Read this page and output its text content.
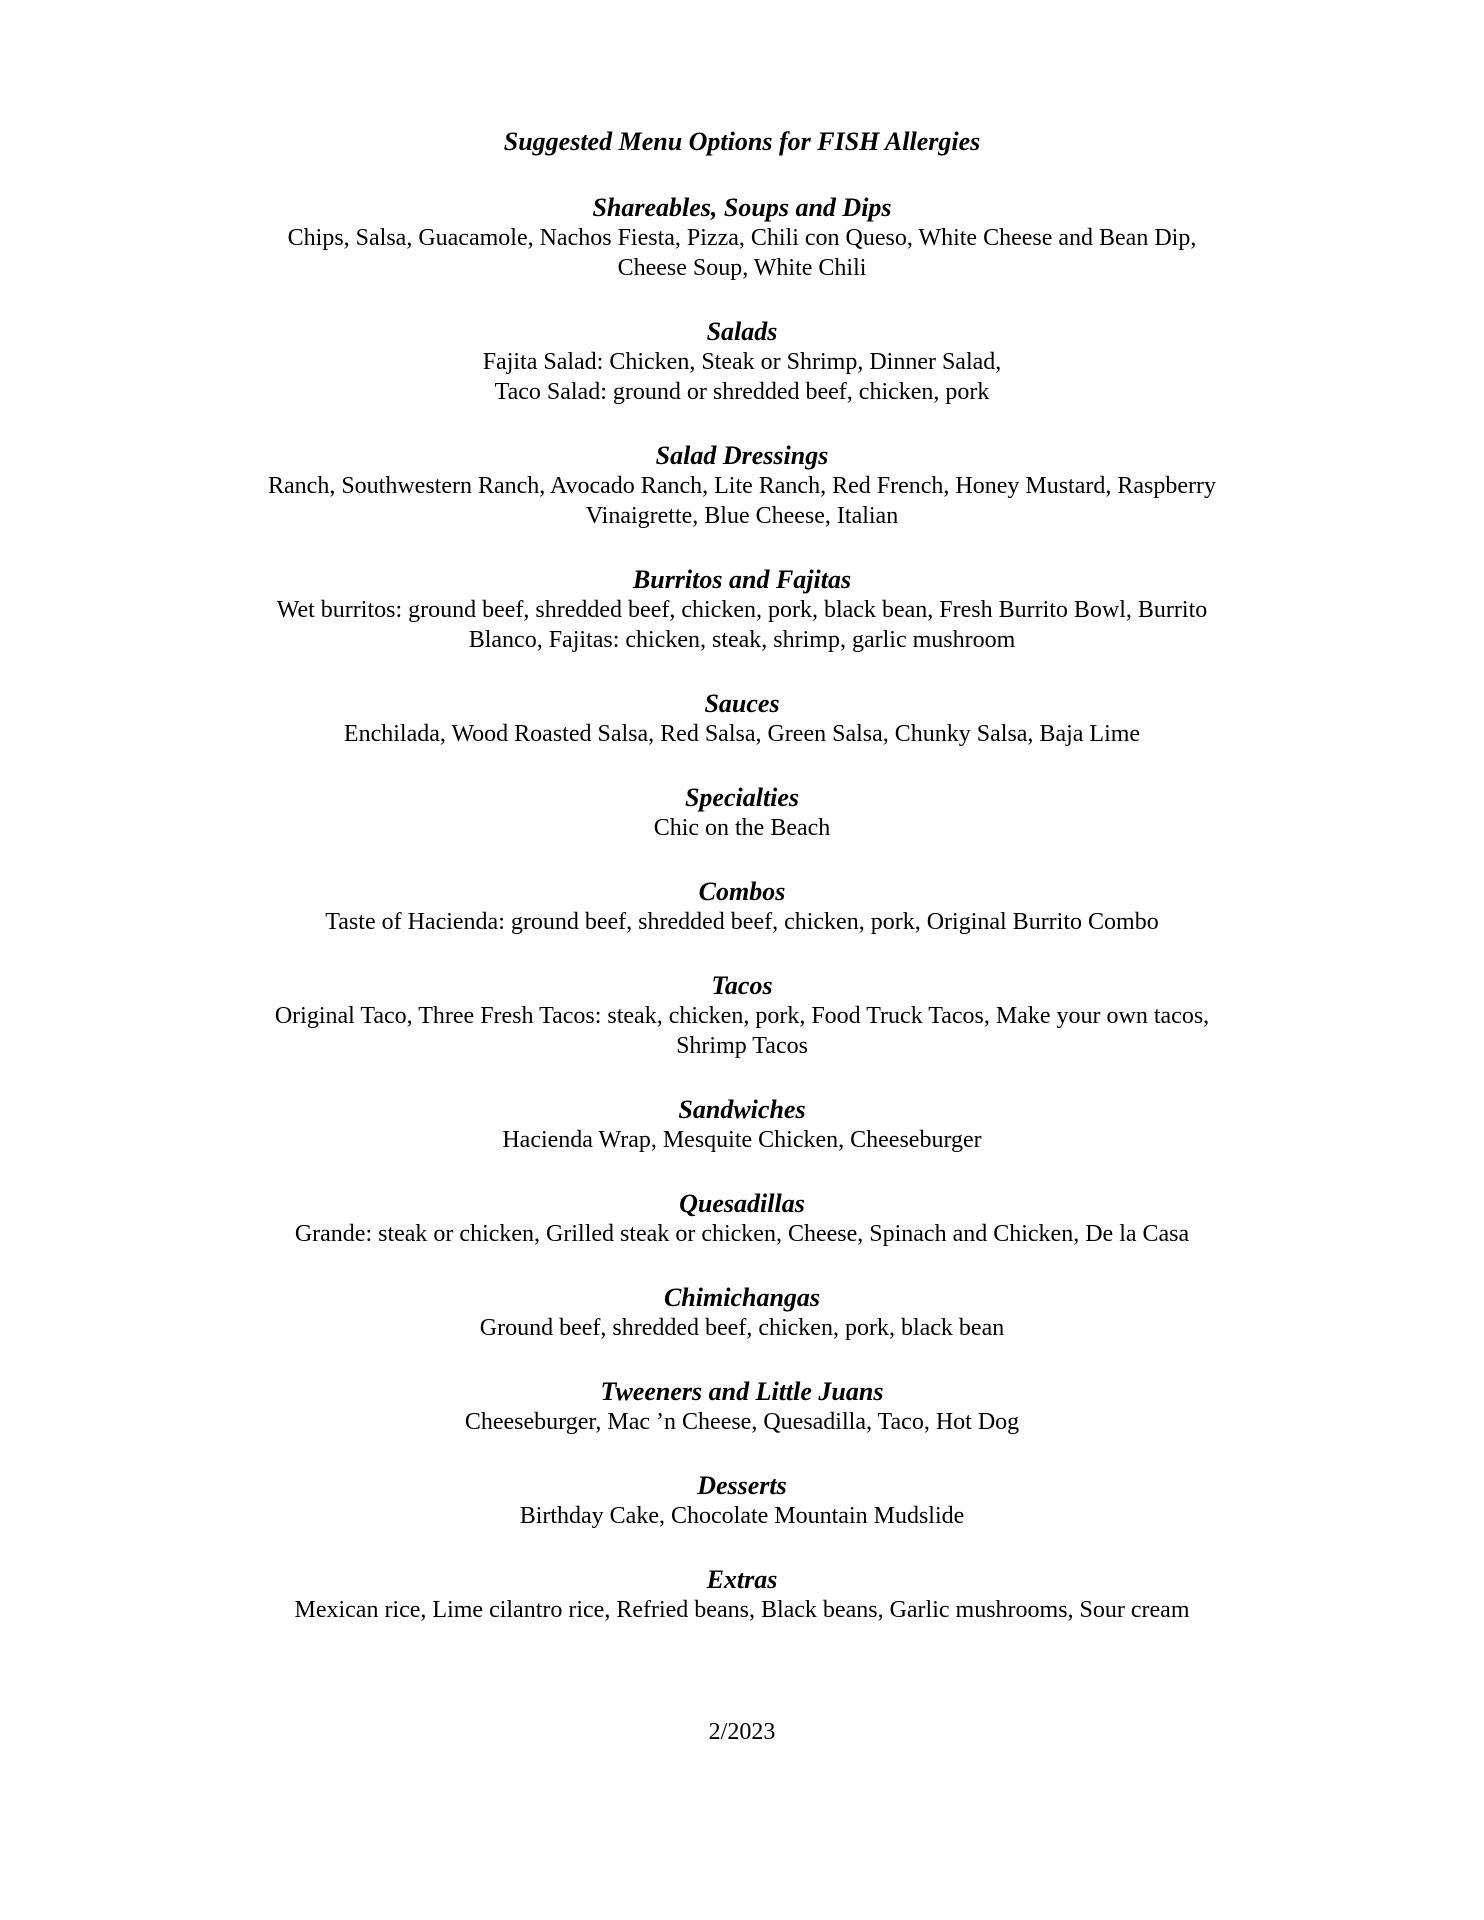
Suggested Menu Options for FISH Allergies
Shareables, Soups and Dips

Chips, Salsa, Guacamole, Nachos Fiesta, Pizza, Chili con Queso, White Cheese and Bean Dip,

Cheese Soup, White Chili

Salads

Fajita Salad: Chicken, Steak or Shrimp, Dinner Salad,

Taco Salad: ground or shredded beef, chicken, pork

Salad Dressings

Ranch, Southwestern Ranch, Avocado Ranch, Lite Ranch, Red French, Honey Mustard, Raspberry

Vinaigrette, Blue Cheese, Italian

Burritos and Fajitas

Wet burritos: ground beef, shredded beef, chicken, pork, black bean, Fresh Burrito Bowl, Burrito

Blanco, Fajitas: chicken, steak, shrimp, garlic mushroom

Sauces

Enchilada, Wood Roasted Salsa, Red Salsa, Green Salsa, Chunky Salsa, Baja Lime

Specialties

Chic on the Beach

Combos

Taste of Hacienda: ground beef, shredded beef, chicken, pork, Original Burrito Combo

Tacos

Original Taco, Three Fresh Tacos: steak, chicken, pork, Food Truck Tacos, Make your own tacos,

Shrimp Tacos

Sandwiches

Hacienda Wrap, Mesquite Chicken, Cheeseburger

Quesadillas

Grande: steak or chicken, Grilled steak or chicken, Cheese, Spinach and Chicken, De la Casa

Chimichangas

Ground beef, shredded beef, chicken, pork, black bean

Tweeners and Little Juans

Cheeseburger, Mac ’n Cheese, Quesadilla, Taco, Hot Dog

Desserts

Birthday Cake, Chocolate Mountain Mudslide

Extras

Mexican rice, Lime cilantro rice, Refried beans, Black beans, Garlic mushrooms, Sour cream

2/2023
